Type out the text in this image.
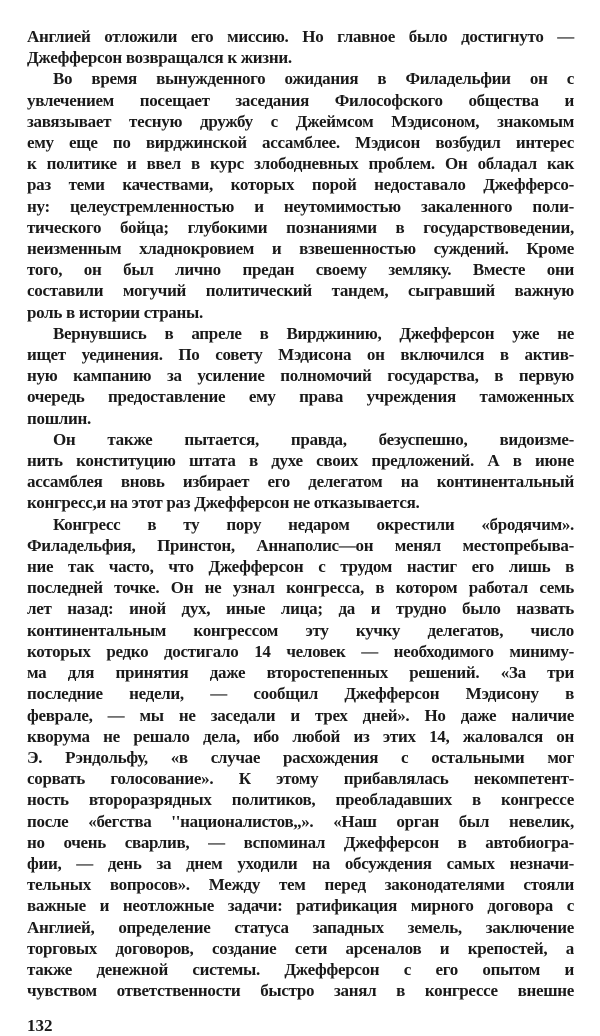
Англией отложили его миссию. Но главное было достигнуто —
Джефферсон возвращался к жизни.
Во время вынужденного ожидания в Филадельфии он с
увлечением посещает заседания Философского общества и
завязывает тесную дружбу с Джеймсом Мэдисоном, знакомым
ему еще по вирджинской ассамблее. Мэдисон возбудил интерес
к политике и ввел в курс злободневных проблем. Он обладал как
раз теми качествами, которых порой недоставало Джефферсо-
ну: целеустремленностью и неутомимостью закаленного поли-
тического бойца; глубокими познаниями в государствоведении,
неизменным хладнокровием и взвешенностью суждений. Кроме
того, он был лично предан своему земляку. Вместе они
составили могучий политический тандем, сыгравший важную
роль в истории страны.
Вернувшись в апреле в Вирджинию, Джефферсон уже не
ищет уединения. По совету Мэдисона он включился в актив-
ную кампанию за усиление полномочий государства, в первую
очередь предоставление ему права учреждения таможенных
пошлин.
Он также пытается, правда, безуспешно, видоизме-
нить конституцию штата в духе своих предложений. А в июне
ассамблея вновь избирает его делегатом на континентальный
конгресс,и на этот раз Джефферсон не отказывается.
Конгресс в ту пору недаром окрестили «бродячим».
Филадельфия, Принстон, Аннаполис—он менял местопребыва-
ние так часто, что Джефферсон с трудом настиг его лишь в
последней точке. Он не узнал конгресса, в котором работал семь
лет назад: иной дух, иные лица; да и трудно было назвать
континентальным конгрессом эту кучку делегатов, число
которых редко достигало 14 человек — необходимого миниму-
ма для принятия даже второстепенных решений. «За три
последние недели, — сообщил Джефферсон Мэдисону в
феврале, — мы не заседали и трех дней». Но даже наличие
кворума не решало дела, ибо любой из этих 14, жаловался он
Э. Рэндольфу, «в случае расхождения с остальными мог
сорвать голосование». К этому прибавлялась некомпетент-
ность второразрядных политиков, преобладавших в конгрессе
после «бегства ''националистов,,». «Наш орган был невелик,
но очень сварлив, — вспоминал Джефферсон в автобиогра-
фии, — день за днем уходили на обсуждения самых незначи-
тельных вопросов». Между тем перед законодателями стояли
важные и неотложные задачи: ратификация мирного договора с
Англией, определение статуса западных земель, заключение
торговых договоров, создание сети арсеналов и крепостей, а
также денежной системы. Джефферсон с его опытом и
чувством ответственности быстро занял в конгрессе внешне
132
